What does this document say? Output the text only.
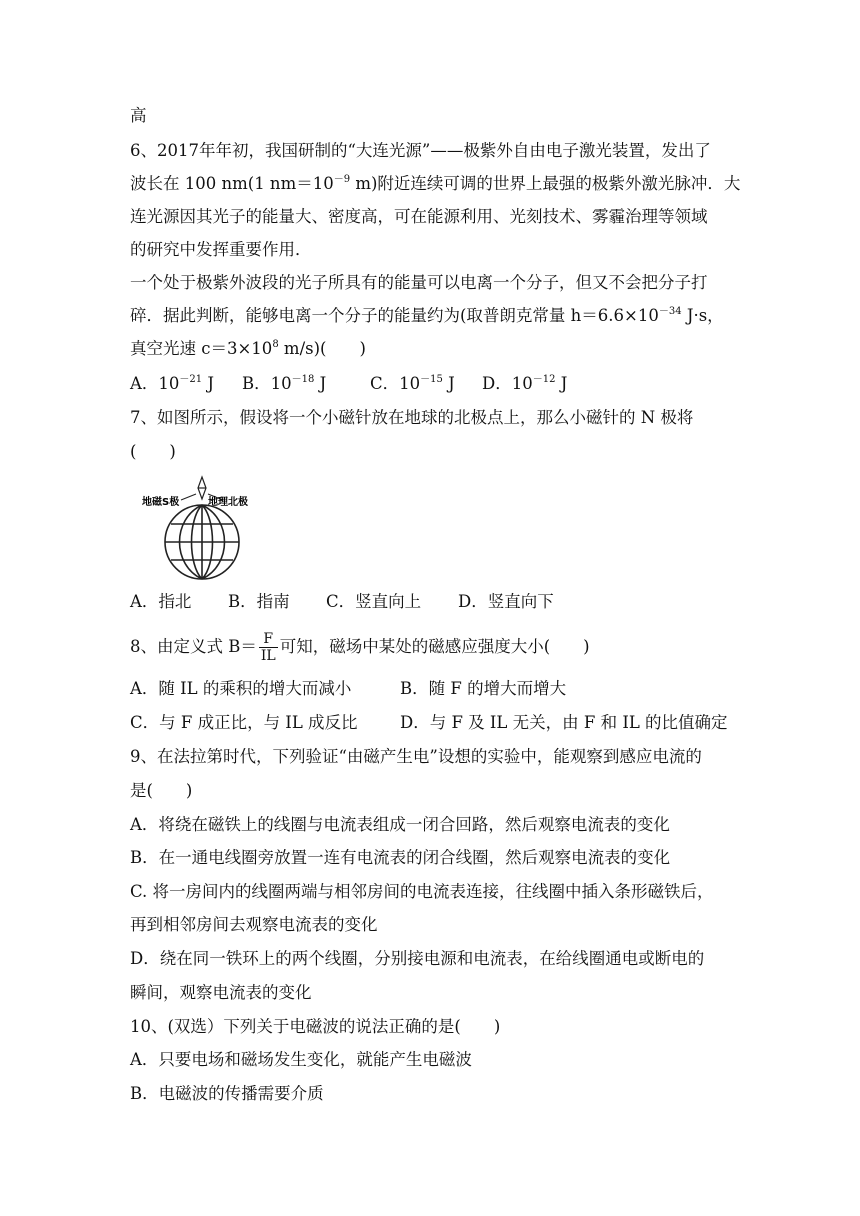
高
6、2017年年初，我国研制的“大连光源”——极紫外自由电子激光装置，发出了
波长在 100 nm(1 $nm=10^{-9}$ m)附近连续可调的世界上最强的极紫外激光脉冲．大
连光源因其光子的能量大、密度高，可在能源利用、光刻技术、雾霾治理等领域
的研究中发挥重要作用．
一个处于极紫外波段的光子所具有的能量可以电离一个分子，但又不会把分子打
碎．据此判断，能够电离一个分子的能量约为(取普朗克常量 $h=6.6\times 10^{-34}$ J·s，
真空光速 $c=3\times 10^8$ m/s)(　　)
A．$10^{-21}$ J B．$10^{-18}$ J	C．$10^{-15}$ J D．$10^{-12}$ J
7、如图所示，假设将一个小磁针放在地球的北极点上，那么小磁针的 N 极将
(　　)
地磁S极	地理北极
A．指北 B．指南 C．竖直向上 D．竖直向下
8、由定义式 $B= \frac{F}{IL}$ 可知，磁场中某处的磁感应强度大小(　　)
A．随 IL 的乘积的增大而减小	B．随 F 的增大而增大
C．与 F 成正比，与 IL 成反比	D．与 F 及 IL 无关，由 F 和 IL 的比值确定
9、在法拉第时代，下列验证“由磁产生电”设想的实验中，能观察到感应电流的
是(　　)
A．将绕在磁铁上的线圈与电流表组成一闭合回路，然后观察电流表的变化
B．在一通电线圈旁放置一连有电流表的闭合线圈，然后观察电流表的变化
C. 将一房间内的线圈两端与相邻房间的电流表连接，往线圈中插入条形磁铁后，
再到相邻房间去观察电流表的变化
D．绕在同一铁环上的两个线圈，分别接电源和电流表，在给线圈通电或断电的
瞬间，观察电流表的变化
10、(双选）下列关于电磁波的说法正确的是(　　)
A．只要电场和磁场发生变化，就能产生电磁波
B．电磁波的传播需要介质
